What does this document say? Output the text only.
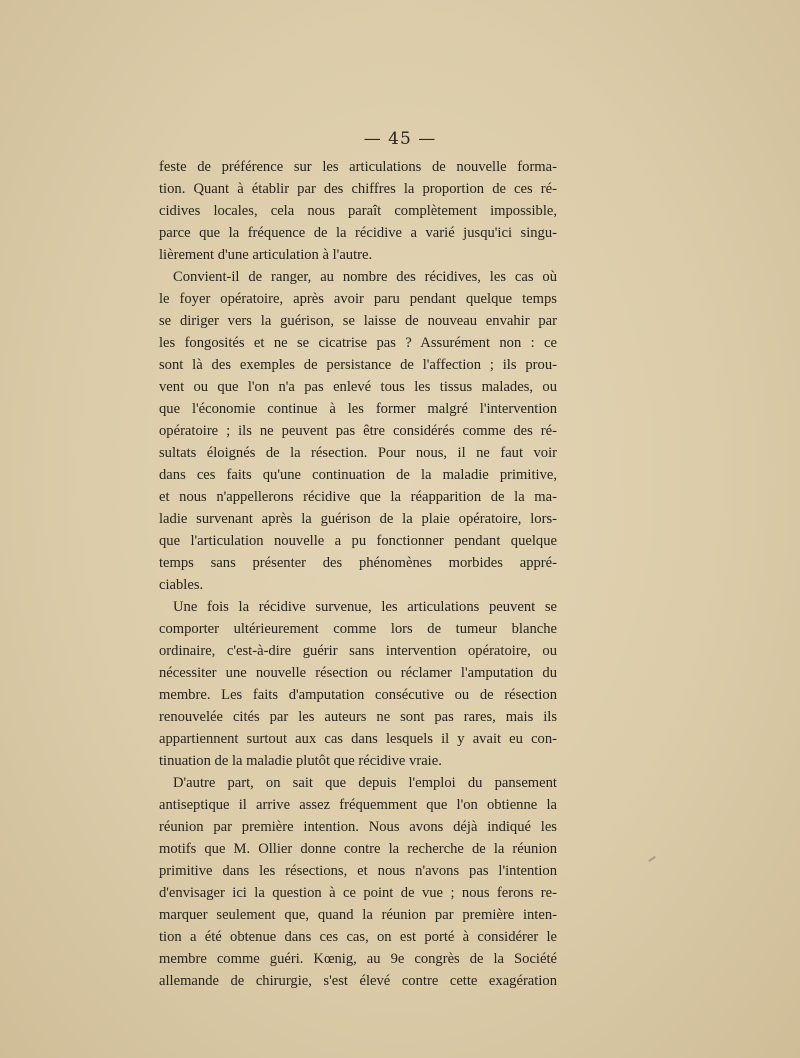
— 45 —

feste de préférence sur les articulations de nouvelle forma-

tion. Quant à établir par des chiffres la proportion de ces ré-

cidives locales, cela nous paraît complètement impossible,

parce que la fréquence de la récidive a varié jusqu'ici singu-

lièrement d'une articulation à l'autre.

Convient-il de ranger, au nombre des récidives, les cas où

le foyer opératoire, après avoir paru pendant quelque temps

se diriger vers la guérison, se laisse de nouveau envahir par

les fongosités et ne se cicatrise pas ? Assurément non : ce

sont là des exemples de persistance de l'affection ; ils prou-

vent ou que l'on n'a pas enlevé tous les tissus malades, ou

que l'économie continue à les former malgré l'intervention

opératoire ; ils ne peuvent pas être considérés comme des ré-

sultats éloignés de la résection. Pour nous, il ne faut voir

dans ces faits qu'une continuation de la maladie primitive,

et nous n'appellerons récidive que la réapparition de la ma-

ladie survenant après la guérison de la plaie opératoire, lors-

que l'articulation nouvelle a pu fonctionner pendant quelque

temps sans présenter des phénomènes morbides appré-

ciables.

Une fois la récidive survenue, les articulations peuvent se

comporter ultérieurement comme lors de tumeur blanche

ordinaire, c'est-à-dire guérir sans intervention opératoire, ou

nécessiter une nouvelle résection ou réclamer l'amputation du

membre. Les faits d'amputation consécutive ou de résection

renouvelée cités par les auteurs ne sont pas rares, mais ils

appartiennent surtout aux cas dans lesquels il y avait eu con-

tinuation de la maladie plutôt que récidive vraie.

D'autre part, on sait que depuis l'emploi du pansement

antiseptique il arrive assez fréquemment que l'on obtienne la

réunion par première intention. Nous avons déjà indiqué les

motifs que M. Ollier donne contre la recherche de la réunion

primitive dans les résections, et nous n'avons pas l'intention

d'envisager ici la question à ce point de vue ; nous ferons re-

marquer seulement que, quand la réunion par première inten-

tion a été obtenue dans ces cas, on est porté à considérer le

membre comme guéri. Kœnig, au 9e congrès de la Société

allemande de chirurgie, s'est élevé contre cette exagération
